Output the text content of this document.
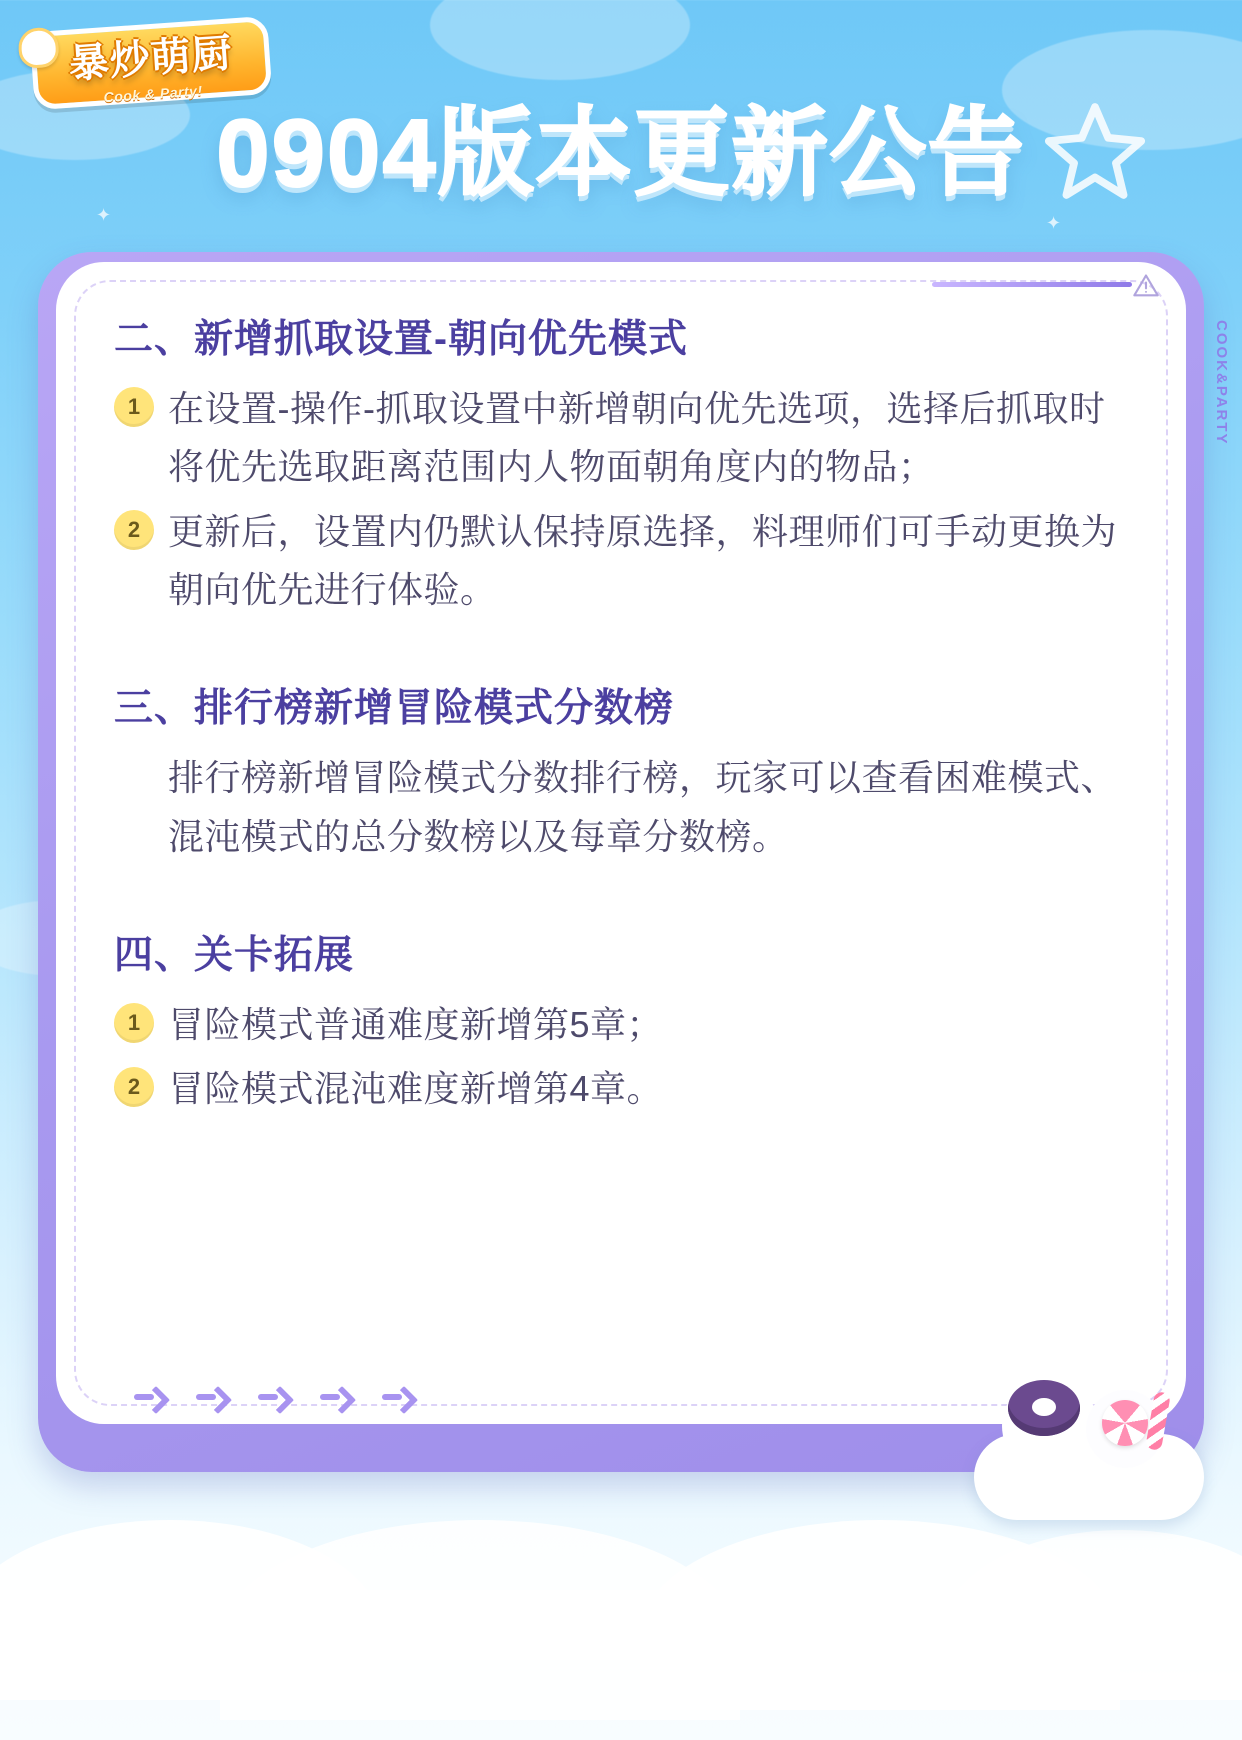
✦	✦
暴炒萌厨
Cook & Party!
0904版本更新公告
二、新增抓取设置-朝向优先模式
1 在设置-操作-抓取设置中新增朝向优先选项，选择后抓取时将优先选取距离范围内人物面朝角度内的物品；
2 更新后，设置内仍默认保持原选择，料理师们可手动更换为朝向优先进行体验。
三、排行榜新增冒险模式分数榜
排行榜新增冒险模式分数排行榜，玩家可以查看困难模式、混沌模式的总分数榜以及每章分数榜。
四、关卡拓展
1 冒险模式普通难度新增第5章；
2 冒险模式混沌难度新增第4章。
COOK&PARTY
